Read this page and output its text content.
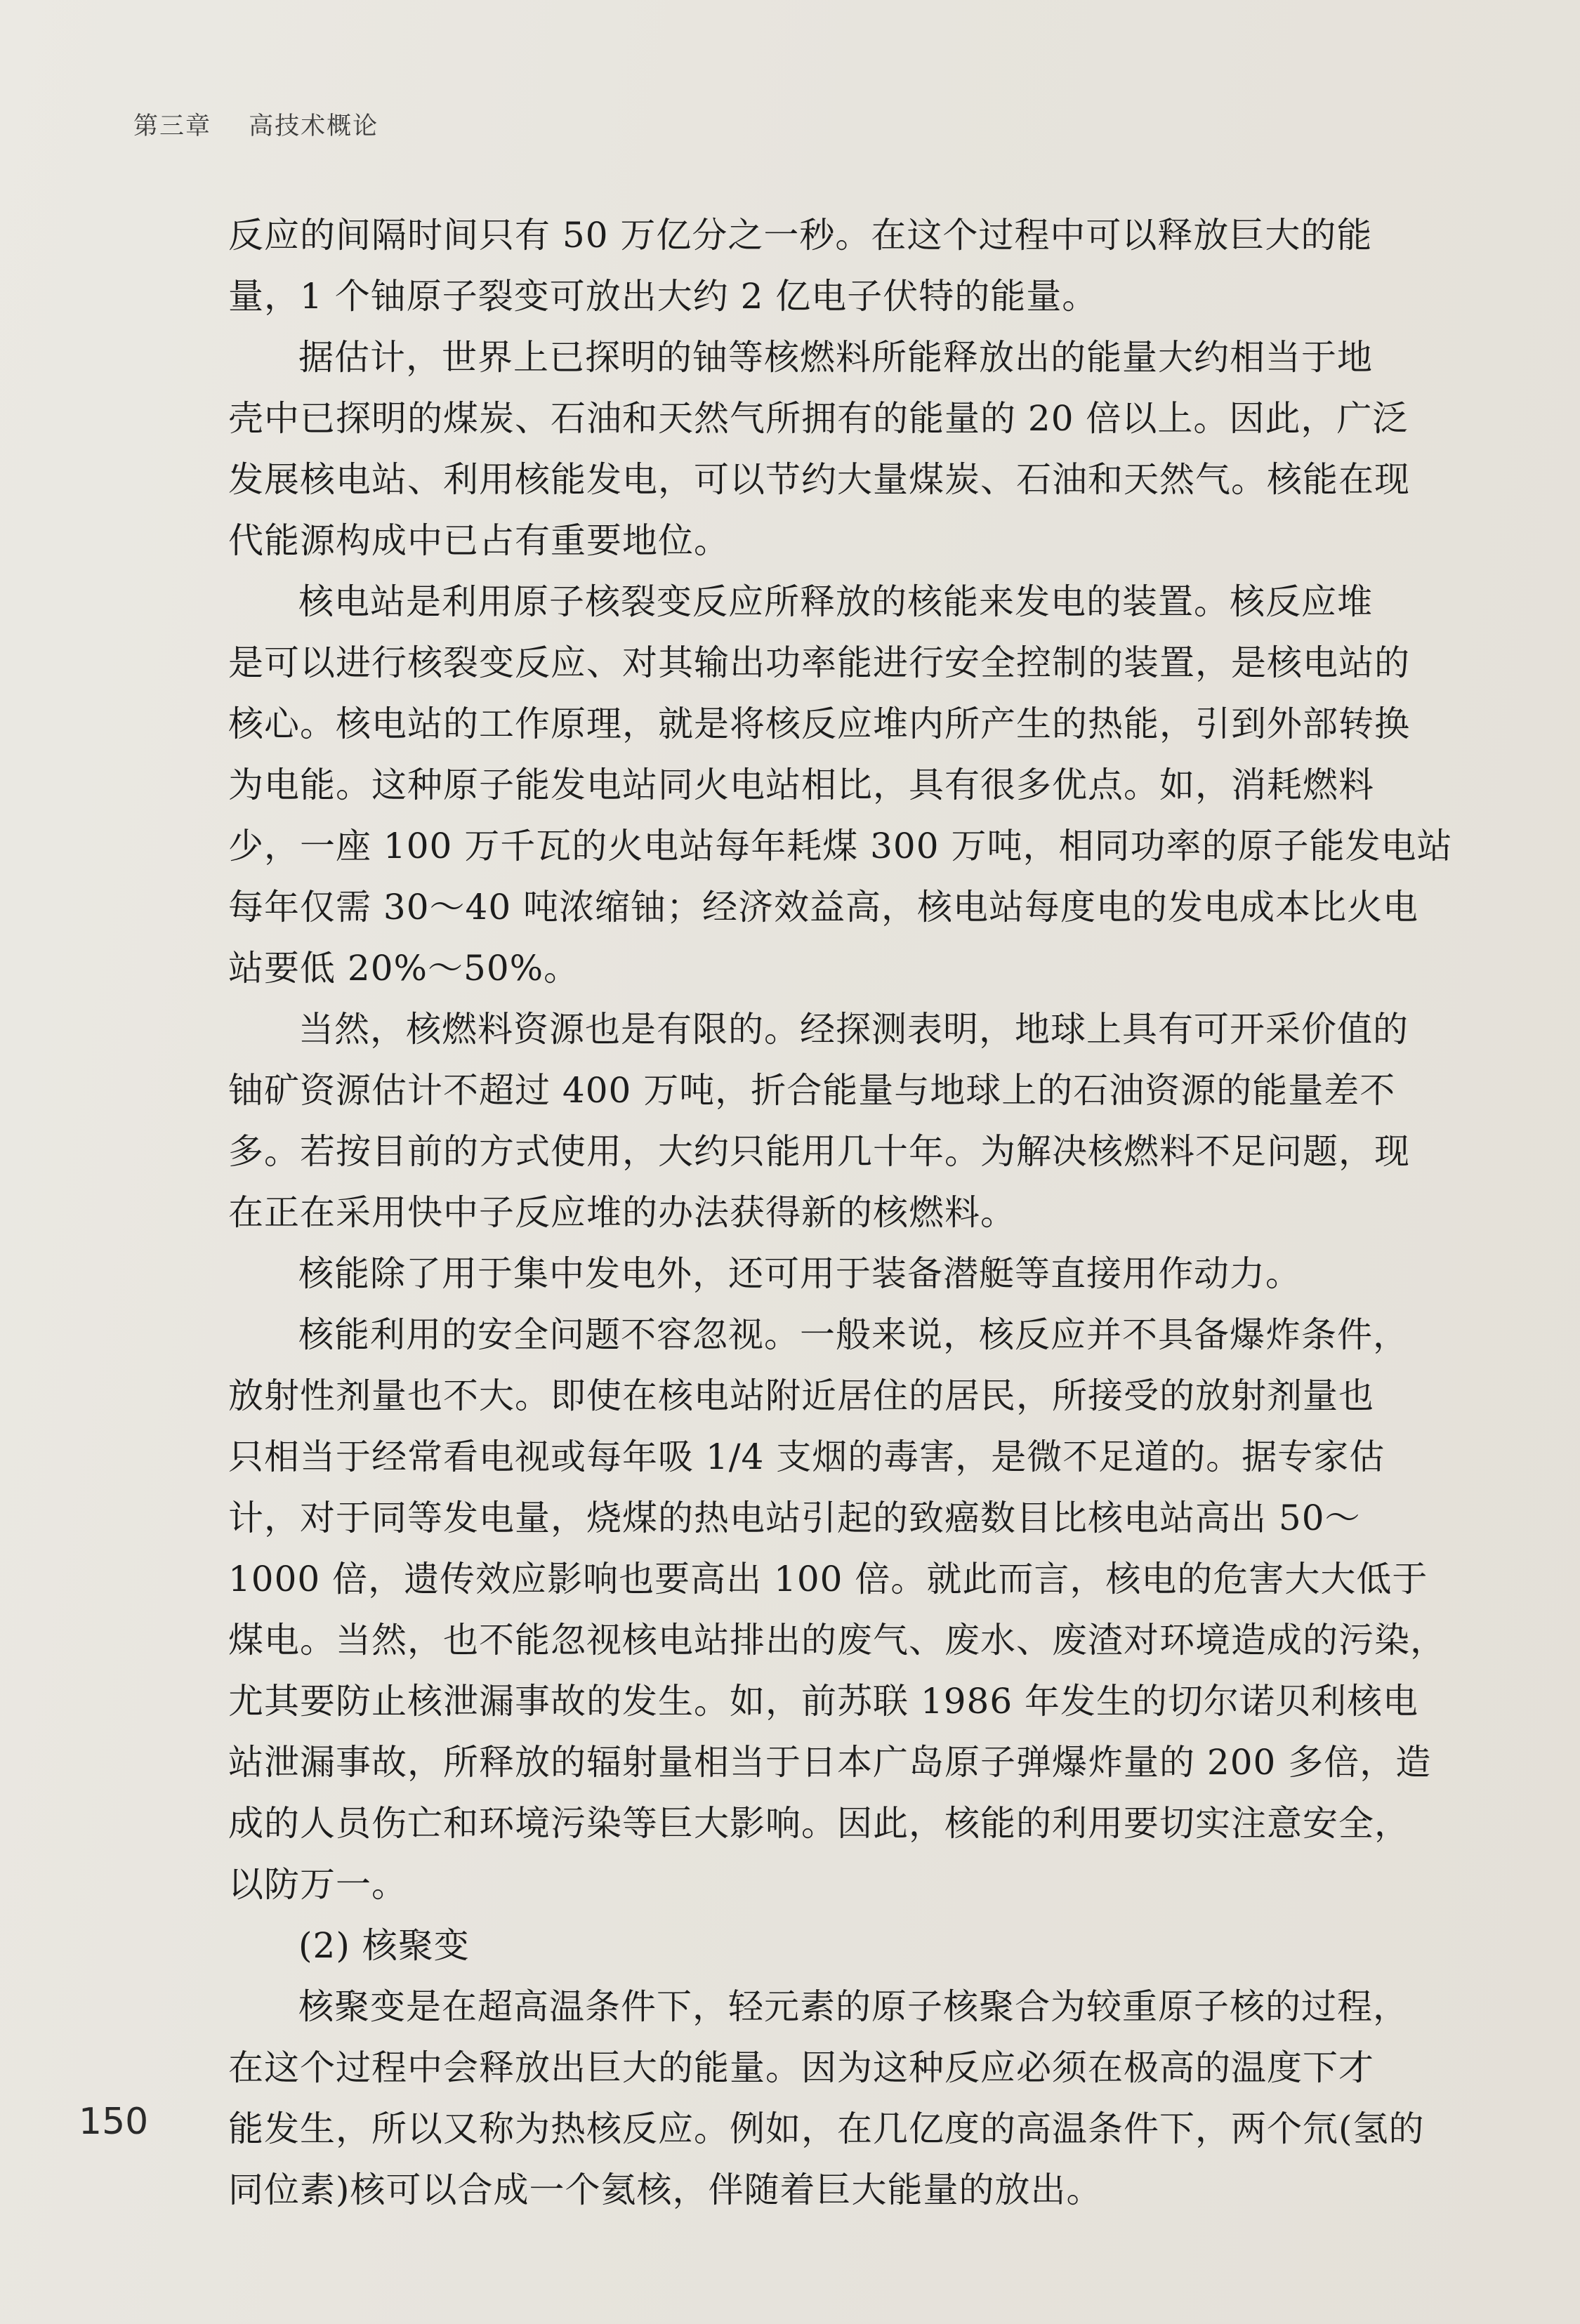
第三章 高技术概论
反应的间隔时间只有 50 万亿分之一秒。在这个过程中可以释放巨大的能
量，1 个铀原子裂变可放出大约 2 亿电子伏特的能量。
据估计，世界上已探明的铀等核燃料所能释放出的能量大约相当于地
壳中已探明的煤炭、石油和天然气所拥有的能量的 20 倍以上。因此，广泛
发展核电站、利用核能发电，可以节约大量煤炭、石油和天然气。核能在现
代能源构成中已占有重要地位。
核电站是利用原子核裂变反应所释放的核能来发电的装置。核反应堆
是可以进行核裂变反应、对其输出功率能进行安全控制的装置，是核电站的
核心。核电站的工作原理，就是将核反应堆内所产生的热能，引到外部转换
为电能。这种原子能发电站同火电站相比，具有很多优点。如，消耗燃料
少，一座 100 万千瓦的火电站每年耗煤 300 万吨，相同功率的原子能发电站
每年仅需 30～40 吨浓缩铀；经济效益高，核电站每度电的发电成本比火电
站要低 20%～50%。
当然，核燃料资源也是有限的。经探测表明，地球上具有可开采价值的
铀矿资源估计不超过 400 万吨，折合能量与地球上的石油资源的能量差不
多。若按目前的方式使用，大约只能用几十年。为解决核燃料不足问题，现
在正在采用快中子反应堆的办法获得新的核燃料。
核能除了用于集中发电外，还可用于装备潜艇等直接用作动力。
核能利用的安全问题不容忽视。一般来说，核反应并不具备爆炸条件，
放射性剂量也不大。即使在核电站附近居住的居民，所接受的放射剂量也
只相当于经常看电视或每年吸 1/4 支烟的毒害，是微不足道的。据专家估
计，对于同等发电量，烧煤的热电站引起的致癌数目比核电站高出 50～
1000 倍，遗传效应影响也要高出 100 倍。就此而言，核电的危害大大低于
煤电。当然，也不能忽视核电站排出的废气、废水、废渣对环境造成的污染，
尤其要防止核泄漏事故的发生。如，前苏联 1986 年发生的切尔诺贝利核电
站泄漏事故，所释放的辐射量相当于日本广岛原子弹爆炸量的 200 多倍，造
成的人员伤亡和环境污染等巨大影响。因此，核能的利用要切实注意安全，
以防万一。
(2) 核聚变
核聚变是在超高温条件下，轻元素的原子核聚合为较重原子核的过程，
在这个过程中会释放出巨大的能量。因为这种反应必须在极高的温度下才
能发生，所以又称为热核反应。例如，在几亿度的高温条件下，两个氘(氢的
同位素)核可以合成一个氦核，伴随着巨大能量的放出。
150
